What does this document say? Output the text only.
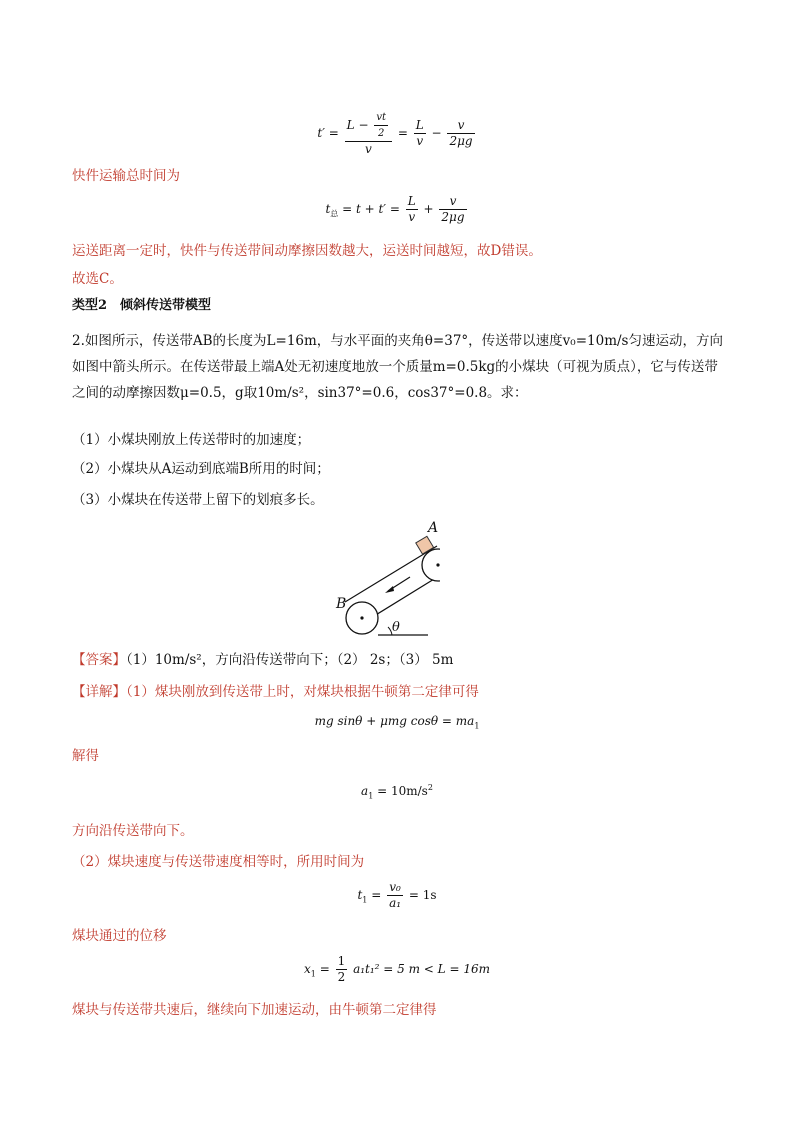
$t' = \frac{L - \frac{vt}{2}}{v} = \frac{L}{v} - \frac{v}{2\mu g}$
快件运输总时间为
$t_总 = t + t' = \frac{L}{v} + \frac{v}{2\mu g}$
运送距离一定时，快件与传送带间动摩擦因数越大，运送时间越短，故D错误。
故选C。
类型2　倾斜传送带模型
2.如图所示，传送带AB的长度为L=16m，与水平面的夹角θ=37°，传送带以速度v₀=10m/s匀速运动，方向如图中箭头所示。在传送带最上端A处无初速度地放一个质量m=0.5kg的小煤块（可视为质点），它与传送带之间的动摩擦因数μ=0.5，g取10m/s²，sin37°=0.6，cos37°=0.8。求：
（1）小煤块刚放上传送带时的加速度；
（2）小煤块从A运动到底端B所用的时间；
（3）小煤块在传送带上留下的划痕多长。
A
B
θ
【答案】（1）10m/s²，方向沿传送带向下；（2） 2s；（3） 5m
【详解】（1）煤块刚放到传送带上时，对煤块根据牛顿第二定律可得
mg sinθ + μmg $\cos\theta = ma_1$
解得
$a_1 = 10m/s^2$
方向沿传送带向下。
（2）煤块速度与传送带速度相等时，所用时间为
$t_1 = \frac{\text{v₀}}{\text{a₁}} = 1s$
煤块通过的位移
$x_1 = \frac{1}{2} a_1t_1^2 = 5$ m < L = 16m
煤块与传送带共速后，继续向下加速运动，由牛顿第二定律得
